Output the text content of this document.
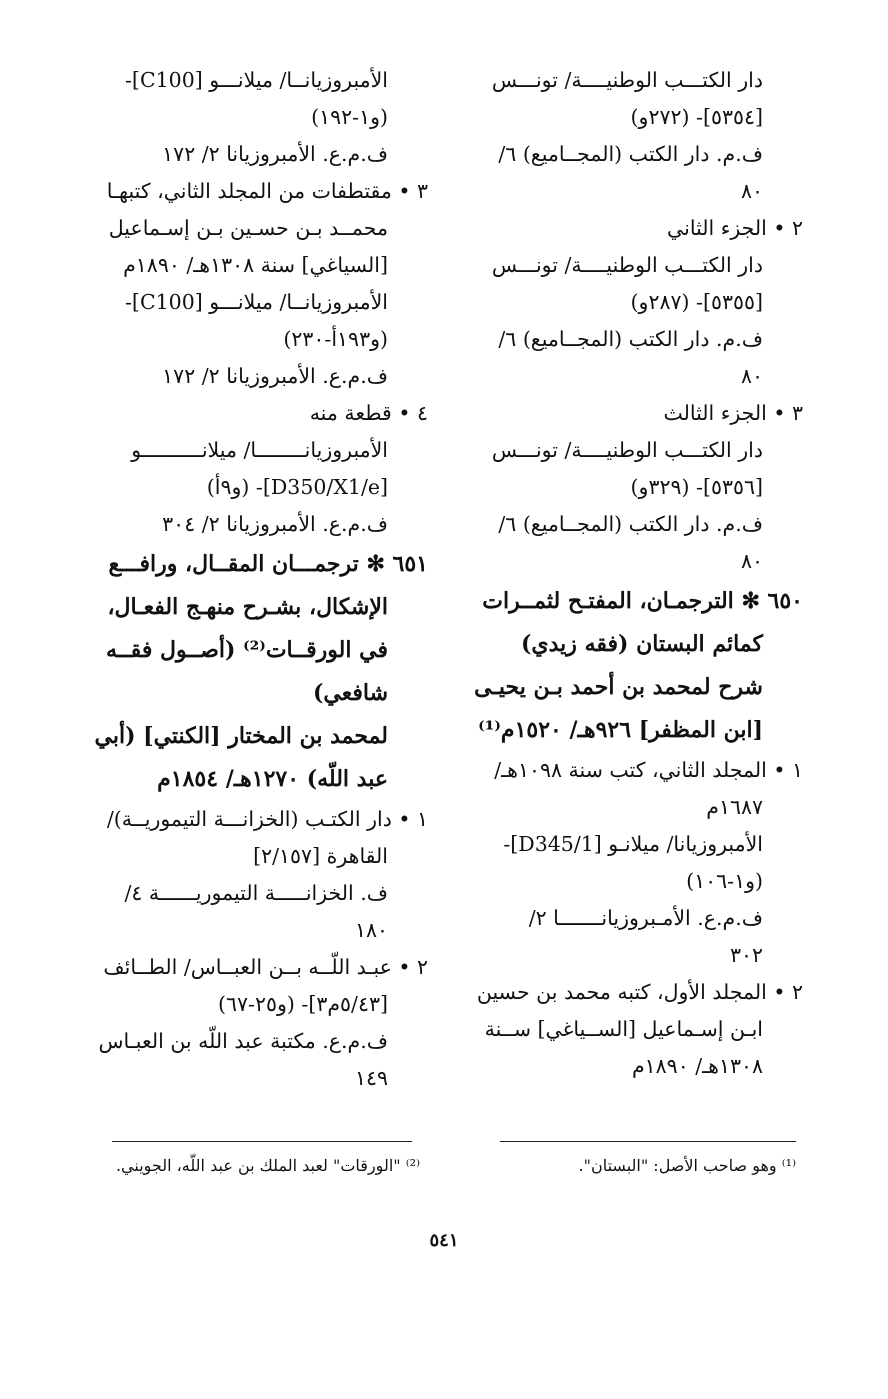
دار الكتـــب الوطنيــــة/ تونـــس
[٥٣٥٤]- (٢٧٢و)
ف.م. دار الكتب (المجــاميع) ٦/
٨٠
٢ • الجزء الثاني
دار الكتـــب الوطنيــــة/ تونـــس
[٥٣٥٥]- (٢٨٧و)
ف.م. دار الكتب (المجــاميع) ٦/
٨٠
٣ • الجزء الثالث
دار الكتـــب الوطنيــــة/ تونـــس
[٥٣٥٦]- (٣٢٩و)
ف.م. دار الكتب (المجــاميع) ٦/
٨٠
٦٥٠ ✻ الترجمـان، المفتـح لثمــرات
كمائم البستان (فقه زيدي)
شرح لمحمد بن أحمد بـن يحيـى
[ابن المظفر] ٩٢٦هـ/ ١٥٢٠م⁽¹⁾
١ • المجلد الثاني، كتب سنة ١٠٩٨هـ/
١٦٨٧م
الأمبروزيانا/ ميلانـو [D345/1]-
(و١-١٠٦)
ف.م.ع. الأمـبروزيانـــــــا ٢/
٣٠٢
٢ • المجلد الأول، كتبه محمد بن حسين
ابـن إسـماعيل [الســياغي] ســنة
١٣٠٨هـ/ ١٨٩٠م
الأمبروزيانــا/ ميلانـــو [C100]-
(و١-١٩٢)
ف.م.ع. الأمبروزيانا ٢/ ١٧٢
٣ • مقتطفات من المجلد الثاني، كتبهـا
محمــد بـن حسـين بـن إسـماعيل
[السياغي] سنة ١٣٠٨هـ/ ١٨٩٠م
الأمبروزيانــا/ ميلانـــو [C100]-
(و١٩٣أ-٢٣٠)
ف.م.ع. الأمبروزيانا ٢/ ١٧٢
٤ • قطعة منه
الأمبروزيانــــــــا/ ميلانــــــــــو
[D350/X1/e]- (و٩أ)
ف.م.ع. الأمبروزيانا ٢/ ٣٠٤
٦٥١ ✻ ترجمـــان المقــال، ورافـــع
الإشكال، بشـرح منهـج الفعـال،
في الورقــات⁽²⁾ (أصــول فقــه
شافعي)
لمحمد بن المختار [الكنتي] (أبي
عبد اللّه) ١٢٧٠هـ/ ١٨٥٤م
١ • دار الكتـب (الخزانـــة التيموريــة)/
القاهرة [٢/١٥٧]
ف. الخزانـــــة التيموريــــــة ٤/
١٨٠
٢ • عبـد اللّــه بــن العبــاس/ الطــائف
[٥/٤٣م٣]- (و٢٥-٦٧)
ف.م.ع. مكتبة عبد اللّه بن العبـاس
١٤٩
⁽¹⁾ وهو صاحب الأصل: "البستان".
⁽²⁾ "الورقات" لعبد الملك بن عبد اللّه، الجويني.
٥٤١
